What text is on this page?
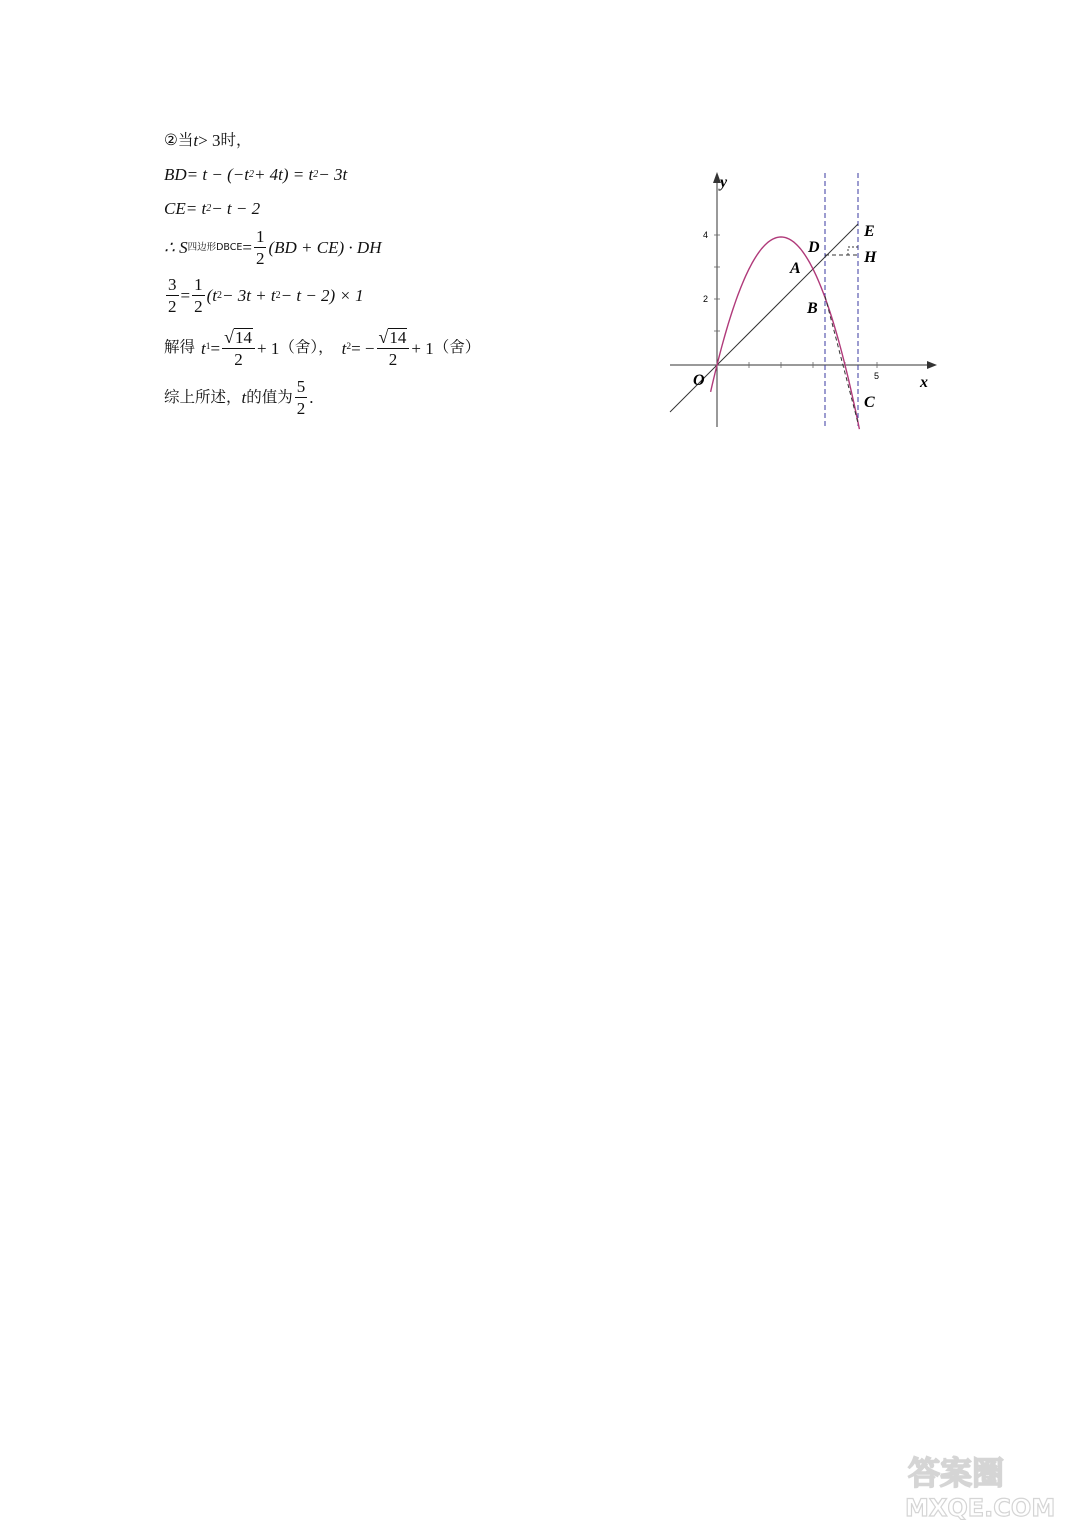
②当 t > 3 时，
BD = t − (−t 2 + 4t) = t 2 − 3t
CE = t 2 − t − 2
∴ S 四边形DBCE = $\frac{1}{2} (BD + CE)$ · DH
$\frac{3}{2} = \frac{1}{2} (t$ 2 − 3t + t 2 − t − 2) × 1
解得 t $1 = \frac{√ 14}{2} + 1$ （舍）， t 2 = − $\frac{√ 14}{2} + 1$ （舍）
综上所述， t 的值为 $\frac{5}{2}$ .
y
x
O
4
2
5
A
B
C
D
E
H
答案圈
MXQE.COM
